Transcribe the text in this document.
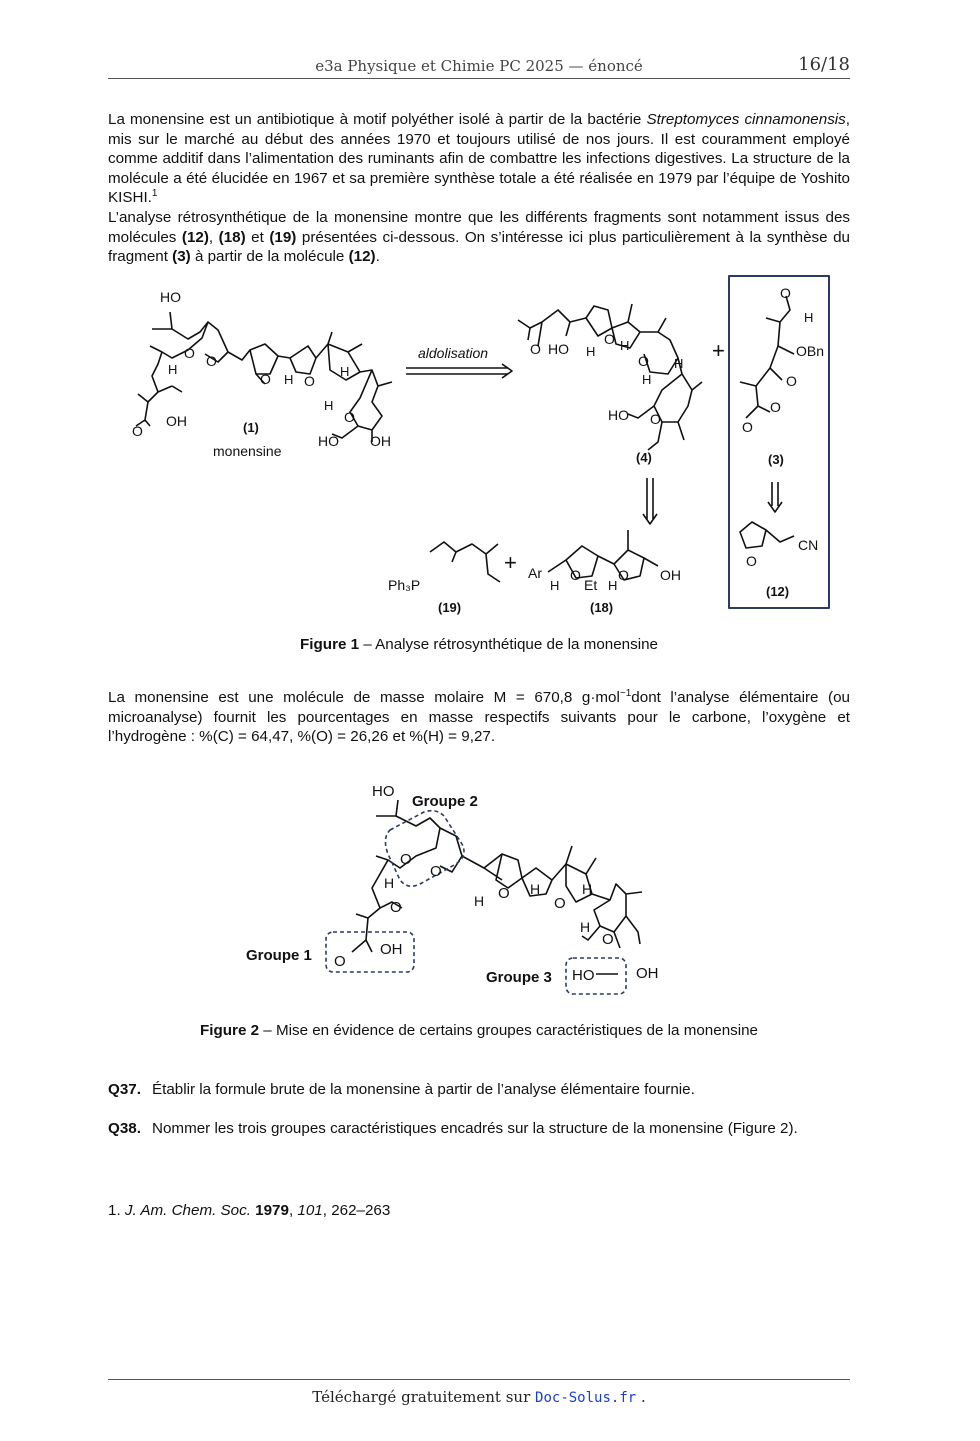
e3a Physique et Chimie PC 2025 — énoncé	16/18
La monensine est un antibiotique à motif polyéther isolé à partir de la bactérie Streptomyces cinnamonensis, mis sur le marché au début des années 1970 et toujours utilisé de nos jours. Il est couramment employé comme additif dans l’alimentation des ruminants afin de combattre les infections digestives. La structure de la molécule a été élucidée en 1967 et sa première synthèse totale a été réalisée en 1979 par l’équipe de Yoshito KISHI.$^1$
L’analyse rétrosynthétique de la monensine montre que les différents fragments sont notamment issus des molécules (12), (18) et (19) présentées ci-dessous. On s’intéresse ici plus particulièrement à la synthèse du fragment (3) à partir de la molécule (12).
HO
H
O O
O
OH
O H O
H
H
O
HO OH
(1)
monensine
aldolisation	O HO H H
O
O H
H
HO O
(4)
+
O
H
OBn
O
O
O
(3)
O
CN
(12)
Ph₃P
(19)
+ Ar
H
O
Et H
O OH
(18)
Figure 1 – Analyse rétrosynthétique de la monensine
La monensine est une molécule de masse molaire M = 670,8 g·mol$^{-1}$dont l’analyse élémentaire (ou microanalyse) fournit les pourcentages en masse respectifs suivants pour le carbone, l’oxygène et l’hydrogène : %(C) = 64,47, %(O) = 26,26 et %(H) = 9,27.
HO
Groupe 2
O
O
H
O
Groupe 1 O
OH
H O H
O
H
H
O
Groupe 3 HO	OH
Figure 2 – Mise en évidence de certains groupes caractéristiques de la monensine
Q37. Établir la formule brute de la monensine à partir de l’analyse élémentaire fournie.
Q38. Nommer les trois groupes caractéristiques encadrés sur la structure de la monensine (Figure 2).
1. J. Am. Chem. Soc. 1979, 101, 262–263
Téléchargé gratuitement sur Doc-Solus.fr .
